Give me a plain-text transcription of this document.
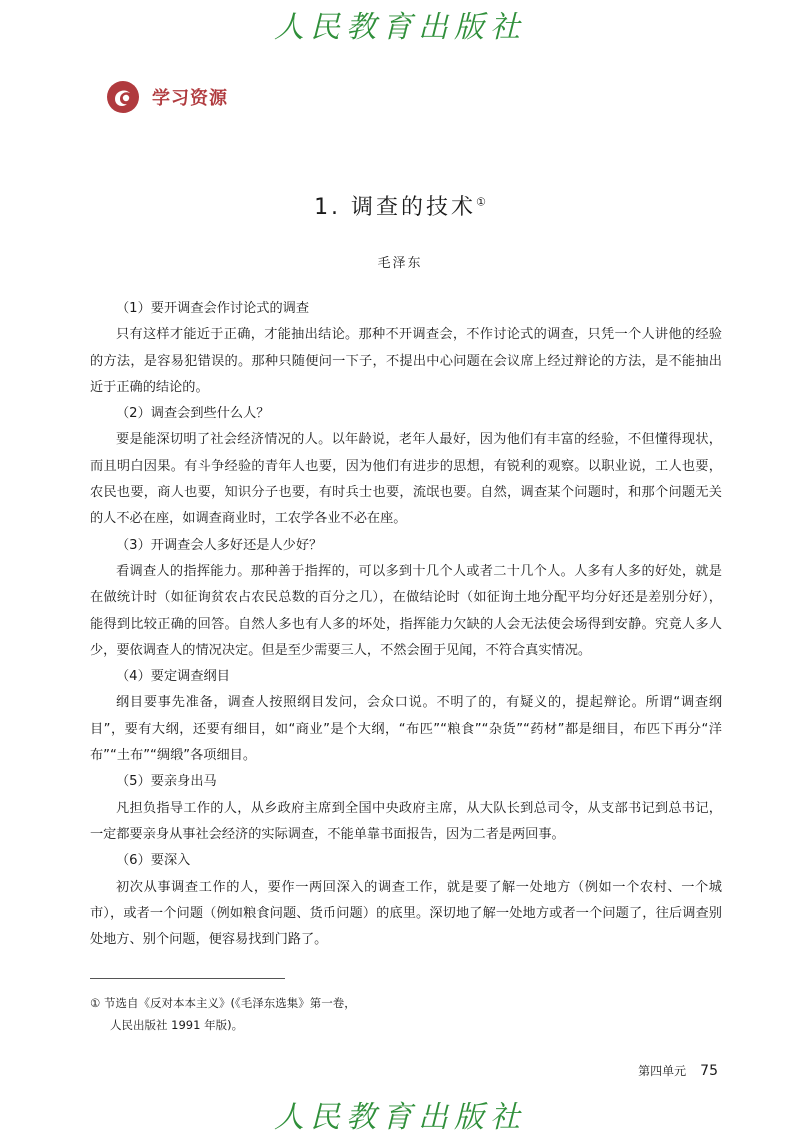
人民教育出版社
学习资源
1. 调查的技术①
毛泽东

（1）要开调查会作讨论式的调查

只有这样才能近于正确，才能抽出结论。那种不开调查会，不作讨论式的调查，只凭一个人讲他的经验的方法，是容易犯错误的。那种只随便问一下子，不提出中心问题在会议席上经过辩论的方法，是不能抽出近于正确的结论的。

（2）调查会到些什么人？

要是能深切明了社会经济情况的人。以年龄说，老年人最好，因为他们有丰富的经验，不但懂得现状，而且明白因果。有斗争经验的青年人也要，因为他们有进步的思想，有锐利的观察。以职业说，工人也要，农民也要，商人也要，知识分子也要，有时兵士也要，流氓也要。自然，调查某个问题时，和那个问题无关的人不必在座，如调查商业时，工农学各业不必在座。

（3）开调查会人多好还是人少好？

看调查人的指挥能力。那种善于指挥的，可以多到十几个人或者二十几个人。人多有人多的好处，就是在做统计时（如征询贫农占农民总数的百分之几），在做结论时（如征询土地分配平均分好还是差别分好），能得到比较正确的回答。自然人多也有人多的坏处，指挥能力欠缺的人会无法使会场得到安静。究竟人多人少，要依调查人的情况决定。但是至少需要三人，不然会囿于见闻，不符合真实情况。

（4）要定调查纲目

纲目要事先准备，调查人按照纲目发问，会众口说。不明了的，有疑义的，提起辩论。所谓“调查纲目”，要有大纲，还要有细目，如“商业”是个大纲，“布匹”“粮食”“杂货”“药材”都是细目，布匹下再分“洋布”“土布”“绸缎”各项细目。

（5）要亲身出马

凡担负指导工作的人，从乡政府主席到全国中央政府主席，从大队长到总司令，从支部书记到总书记，一定都要亲身从事社会经济的实际调查，不能单靠书面报告，因为二者是两回事。

（6）要深入

初次从事调查工作的人，要作一两回深入的调查工作，就是要了解一处地方（例如一个农村、一个城市），或者一个问题（例如粮食问题、货币问题）的底里。深切地了解一处地方或者一个问题了，往后调查别处地方、别个问题，便容易找到门路了。

① 节选自《反对本本主义》(《毛泽东选集》第一卷，
人民出版社 1991 年版)。
第四单元 75
人民教育出版社
